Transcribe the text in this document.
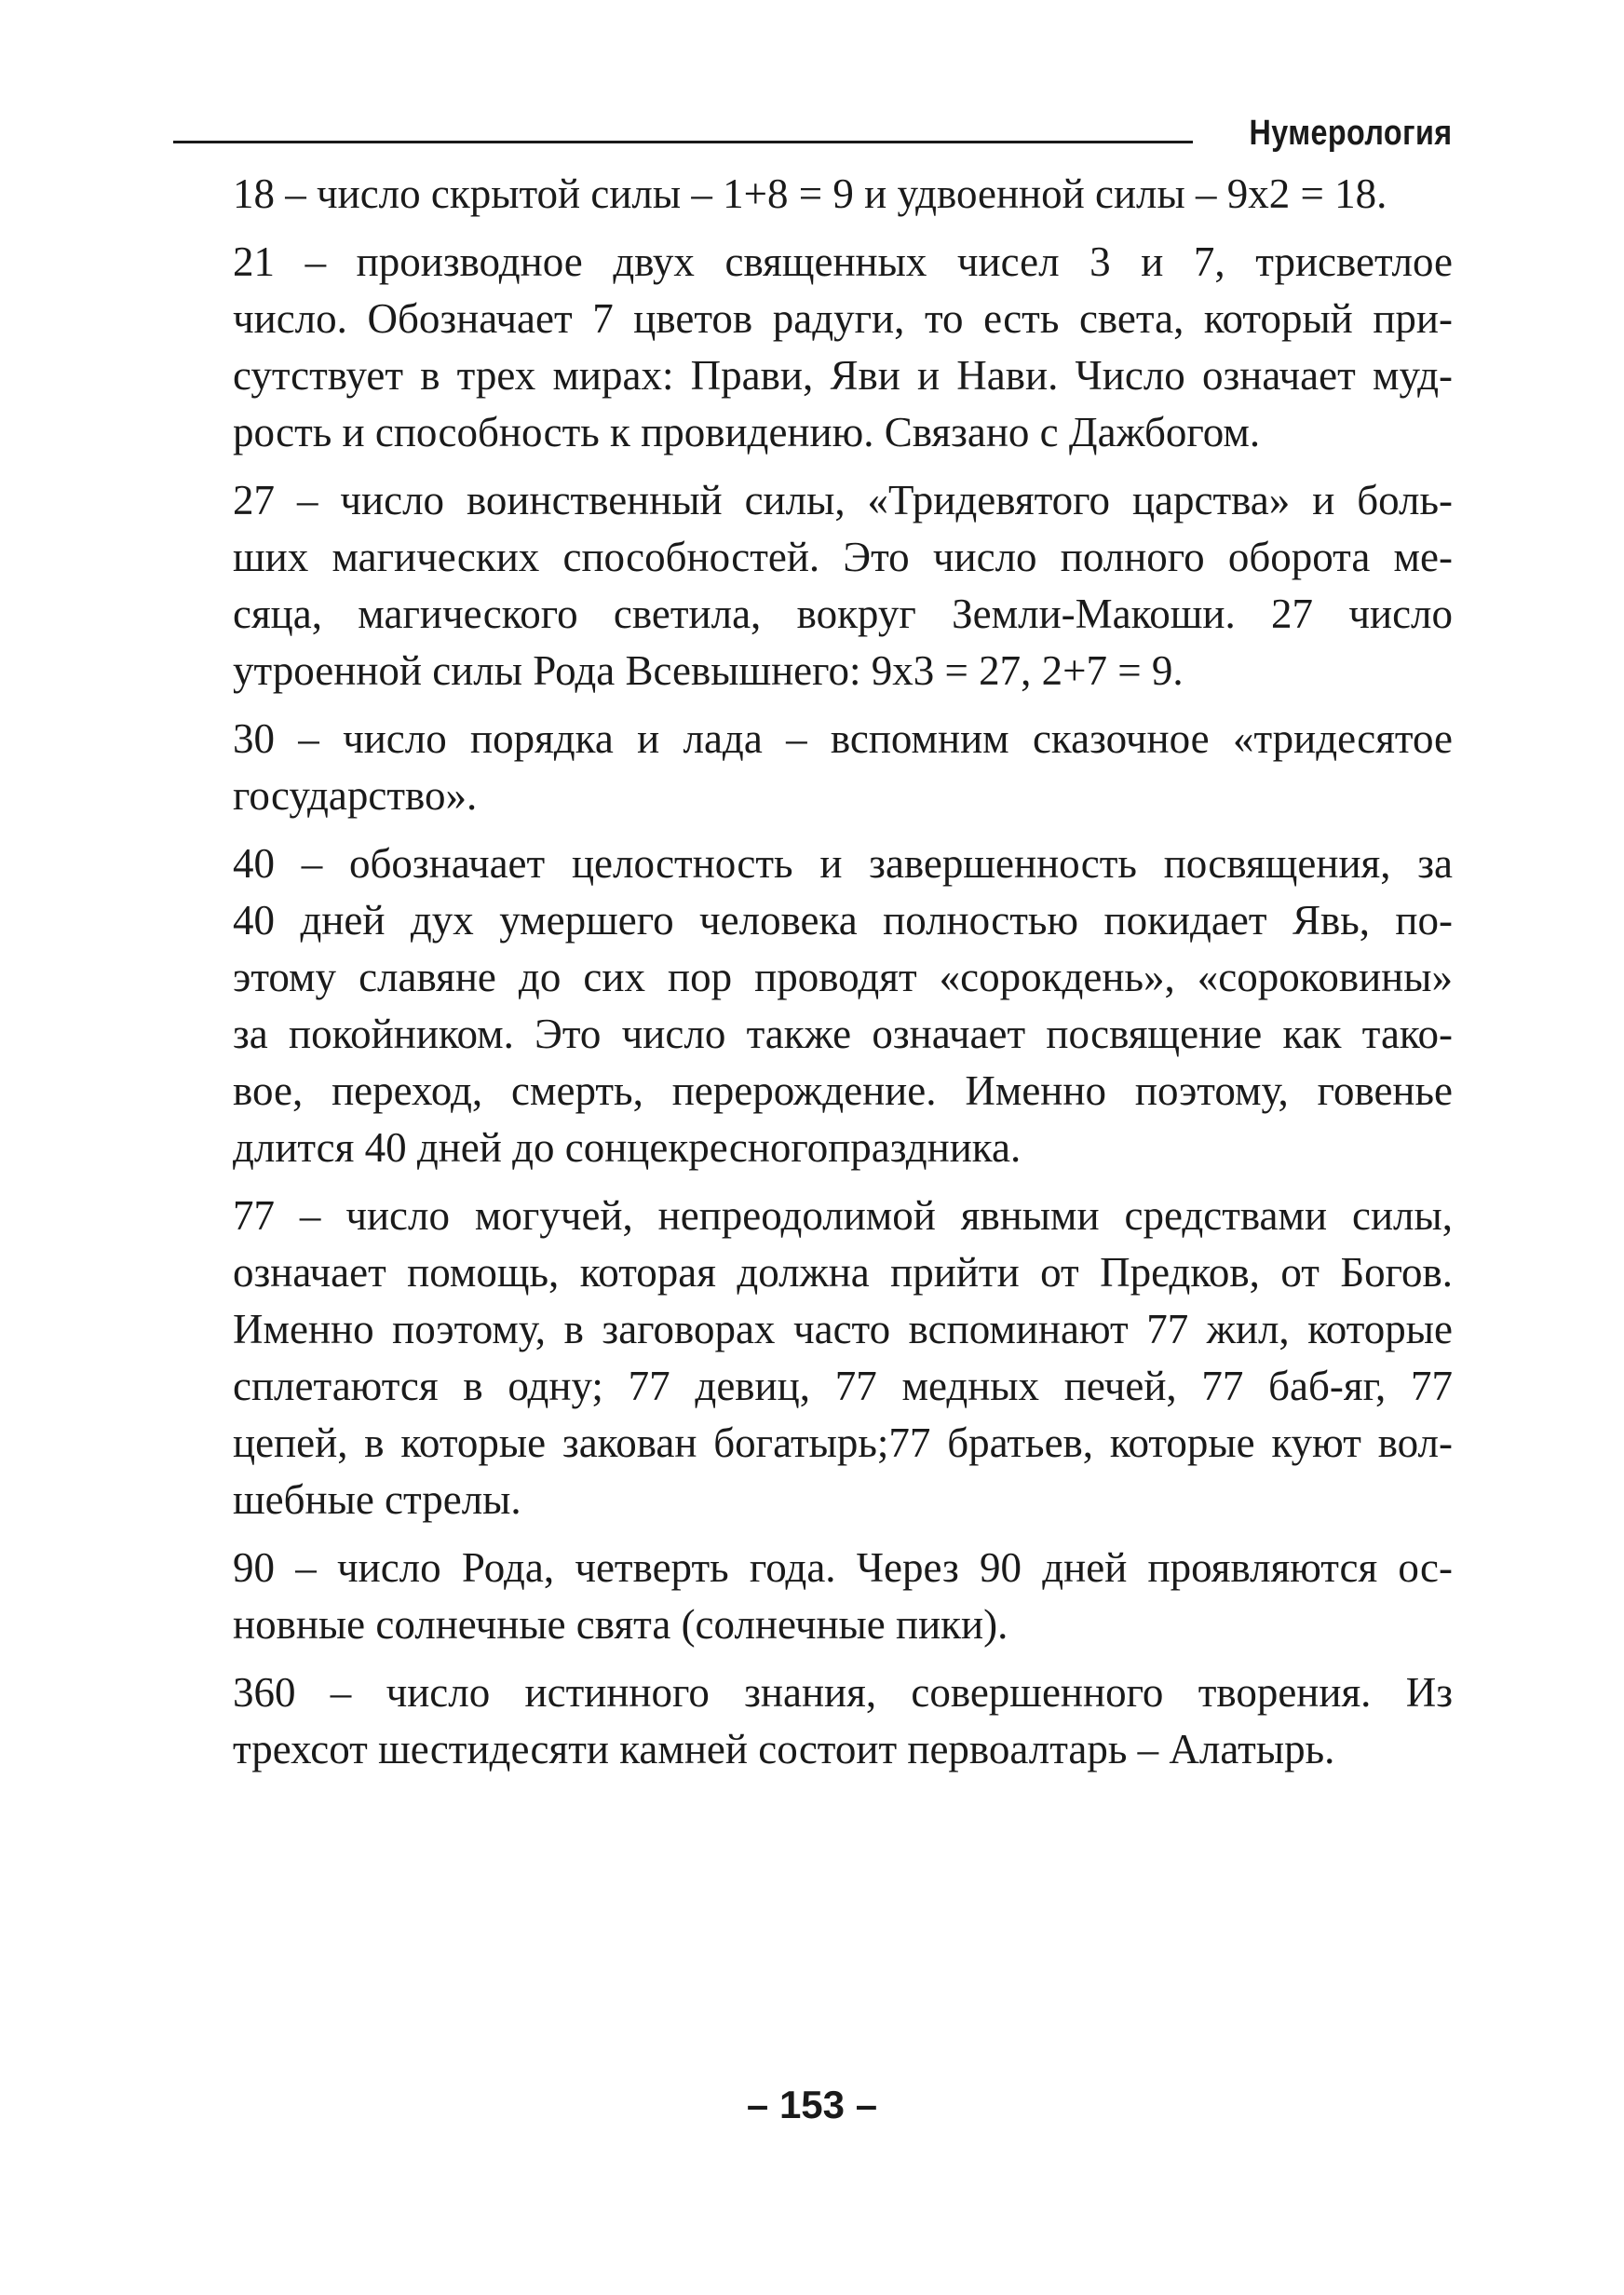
Нумерология

18 – число скрытой силы – 1+8 = 9 и удвоенной силы – 9х2 = 18.

21 – производное двух священных чисел 3 и 7, трисветлое
число. Обозначает 7 цветов радуги, то есть света, который при-
сутствует в трех мирах: Прави, Яви и Нави. Число означает муд-
рость и способность к провидению. Связано с Дажбогом.

27 – число воинственный силы, «Тридевятого царства» и боль-
ших магических способностей. Это число полного оборота ме-
сяца, магического светила, вокруг Земли-Макоши. 27 число
утроенной силы Рода Всевышнего: 9х3 = 27, 2+7 = 9.

30 – число порядка и лада – вспомним сказочное «тридесятое
государство».

40 – обозначает целостность и завершенность посвящения, за
40 дней дух умершего человека полностью покидает Явь, по-
этому славяне до сих пор проводят «сорокдень», «сороковины»
за покойником. Это число также означает посвящение как тако-
вое, переход, смерть, перерождение. Именно поэтому, говенье
длится 40 дней до сонцекресногопраздника.

77 – число могучей, непреодолимой явными средствами силы,
означает помощь, которая должна прийти от Предков, от Богов.
Именно поэтому, в заговорах часто вспоминают 77 жил, которые
сплетаются в одну; 77 девиц, 77 медных печей, 77 баб-яг, 77
цепей, в которые закован богатырь;77 братьев, которые куют вол-
шебные стрелы.

90 – число Рода, четверть года. Через 90 дней проявляются ос-
новные солнечные свята (солнечные пики).

360 – число истинного знания, совершенного творения. Из
трехсот шестидесяти камней состоит первоалтарь – Алатырь.

– 153 –
